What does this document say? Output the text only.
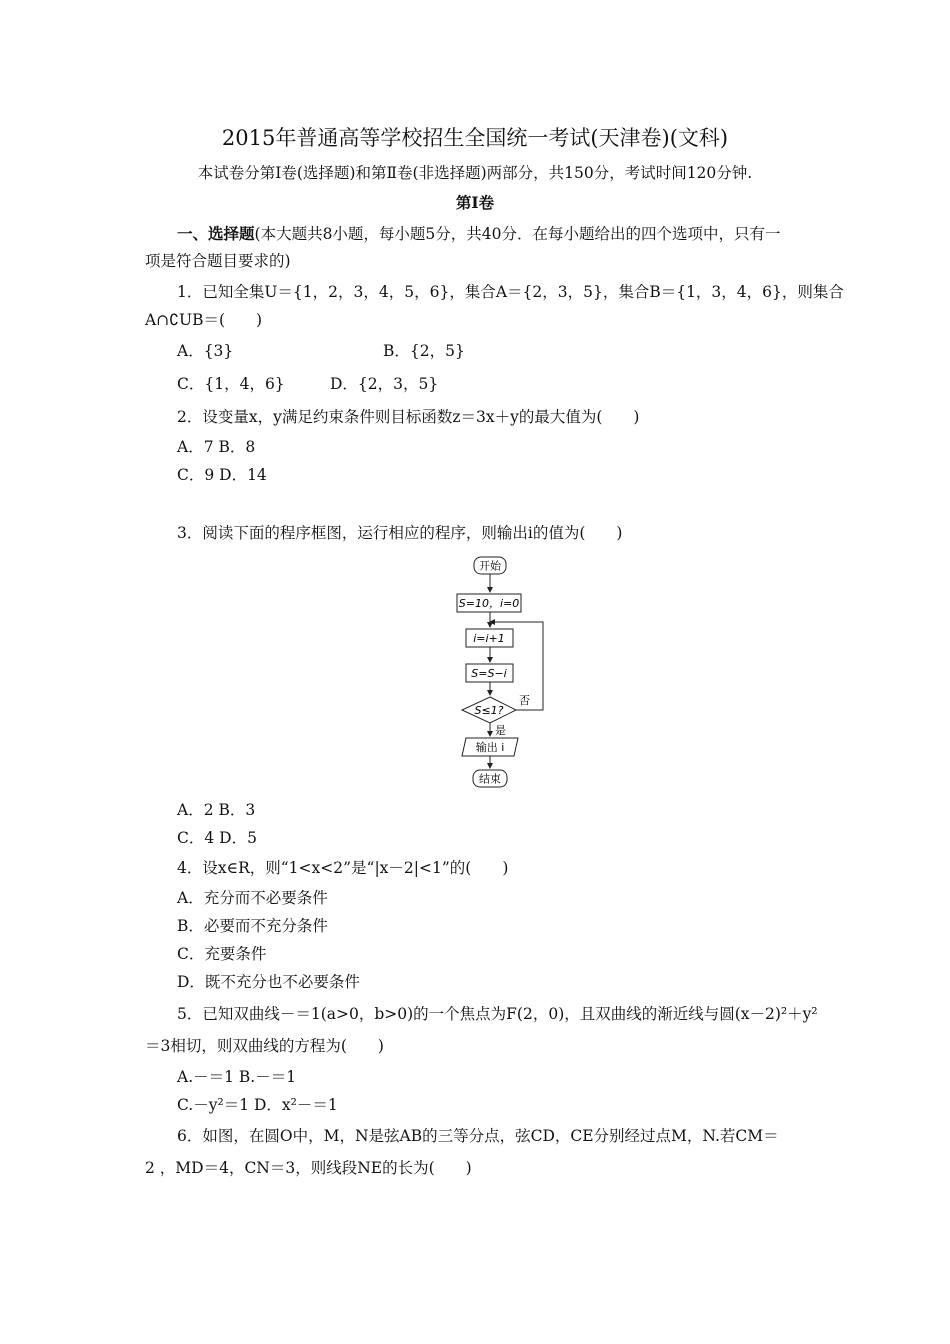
2015年普通高等学校招生全国统一考试(天津卷)(文科)
本试卷分第Ⅰ卷(选择题)和第Ⅱ卷(非选择题)两部分，共150分，考试时间120分钟.
第Ⅰ卷
一、选择题(本大题共8小题，每小题5分，共40分．在每小题给出的四个选项中，只有一
项是符合题目要求的)
1．已知全集U＝{1，2，3，4，5，6}，集合A＝{2，3，5}，集合B＝{1，3，4，6}，则集合
A∩∁UB＝(　　)
A．{3}	B．{2，5}
C．{1，4，6}	D．{2，3，5}
2．设变量x，y满足约束条件则目标函数z＝3x＋y的最大值为(　　)
A．7 B．8
C．9 D．14
3．阅读下面的程序框图，运行相应的程序，则输出i的值为(　　)
开始
S=10，i=0
i=i+1
S=S−i
S≤1?
否
是
输出 i
结束
A．2 B．3
C．4 D．5
4．设x∈R，则“1<x<2”是“|x－2|<1”的(　　)
A．充分而不必要条件
B．必要而不充分条件
C．充要条件
D．既不充分也不必要条件
5．已知双曲线－＝1(a>0，b>0)的一个焦点为F(2，0)，且双曲线的渐近线与圆(x－2)²＋y²
＝3相切，则双曲线的方程为(　　)
A.－＝1 B.－＝1
C.－y²＝1 D．x²－＝1
6．如图，在圆O中，M，N是弦AB的三等分点，弦CD，CE分别经过点M，N.若CM＝
2 ，MD＝4，CN＝3，则线段NE的长为(　　)
